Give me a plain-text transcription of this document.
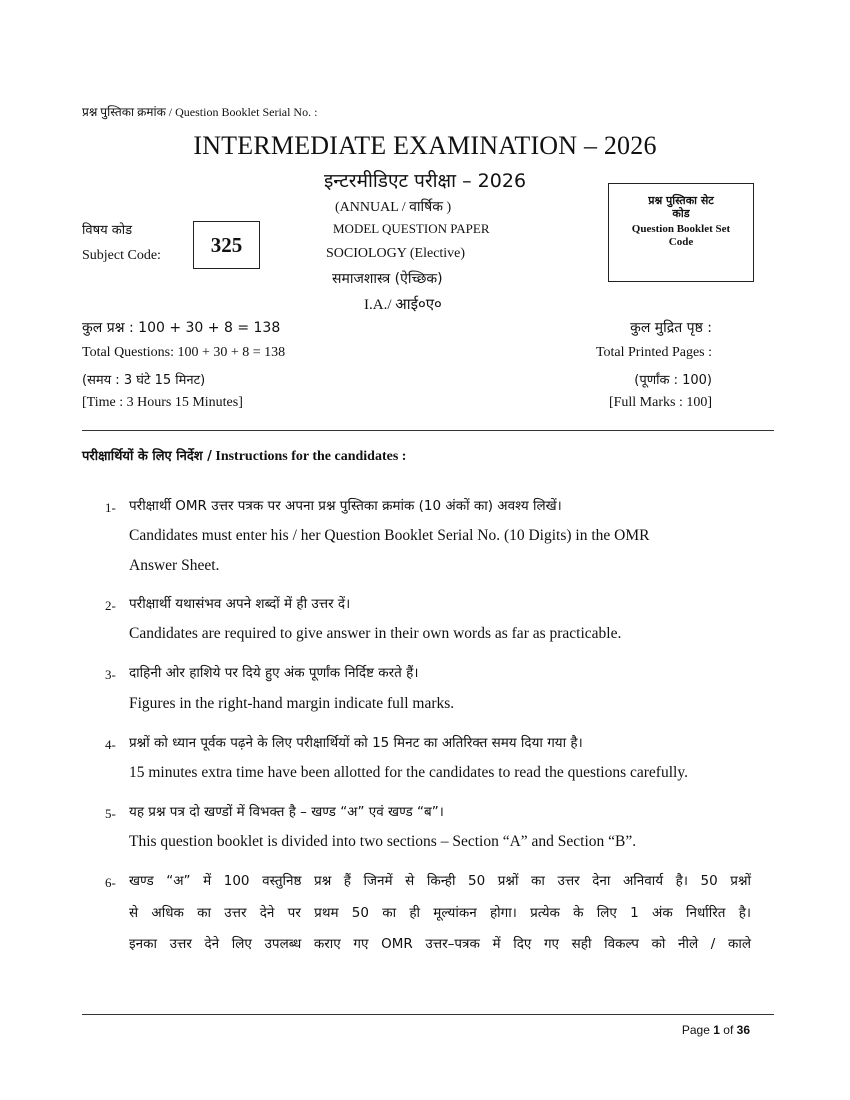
प्रश्न पुस्तिका क्रमांक / Question Booklet Serial No. :
INTERMEDIATE EXAMINATION – 2026
इन्टरमीडिएट परीक्षा – 2026
(ANNUAL / वार्षिक )
MODEL QUESTION PAPER
SOCIOLOGY (Elective)
समाजशास्त्र (ऐच्छिक)
I.A./ आई०ए०
विषय कोड
Subject Code: 325
प्रश्न पुस्तिका सेट
कोड
Question Booklet Set
Code
कुल प्रश्न : 100 + 30 + 8 = 138	कुल मुद्रित पृष्ठ :
Total Questions: 100 + 30 + 8 = 138	Total Printed Pages :
(समय : 3 घंटे 15 मिनट)	(पूर्णांक : 100)
[Time : 3 Hours 15 Minutes]	[Full Marks : 100]
परीक्षार्थियों के लिए निर्देश / Instructions for the candidates :
1- परीक्षार्थी OMR उत्तर पत्रक पर अपना प्रश्न पुस्तिका क्रमांक (10 अंकों का) अवश्य लिखें।
Candidates must enter his / her Question Booklet Serial No. (10 Digits) in the OMR
Answer Sheet.
2- परीक्षार्थी यथासंभव अपने शब्दों में ही उत्तर दें।
Candidates are required to give answer in their own words as far as practicable.
3- दाहिनी ओर हाशिये पर दिये हुए अंक पूर्णांक निर्दिष्ट करते हैं।
Figures in the right-hand margin indicate full marks.
4- प्रश्नों को ध्यान पूर्वक पढ़ने के लिए परीक्षार्थियों को 15 मिनट का अतिरिक्त समय दिया गया है।
15 minutes extra time have been allotted for the candidates to read the questions carefully.
5- यह प्रश्न पत्र दो खण्डों में विभक्त है – खण्ड “अ” एवं खण्ड “ब”।
This question booklet is divided into two sections – Section “A” and Section “B”.
6- खण्ड “अ” में 100 वस्तुनिष्ठ प्रश्न हैं जिनमें से किन्ही 50 प्रश्नों का उत्तर देना अनिवार्य है। 50 प्रश्नों
से अधिक का उत्तर देने पर प्रथम 50 का ही मूल्यांकन होगा। प्रत्येक के लिए 1 अंक निर्धारित है।
इनका उत्तर देने लिए उपलब्ध कराए गए OMR उत्तर–पत्रक में दिए गए सही विकल्प को नीले / काले
Page 1 of 36
